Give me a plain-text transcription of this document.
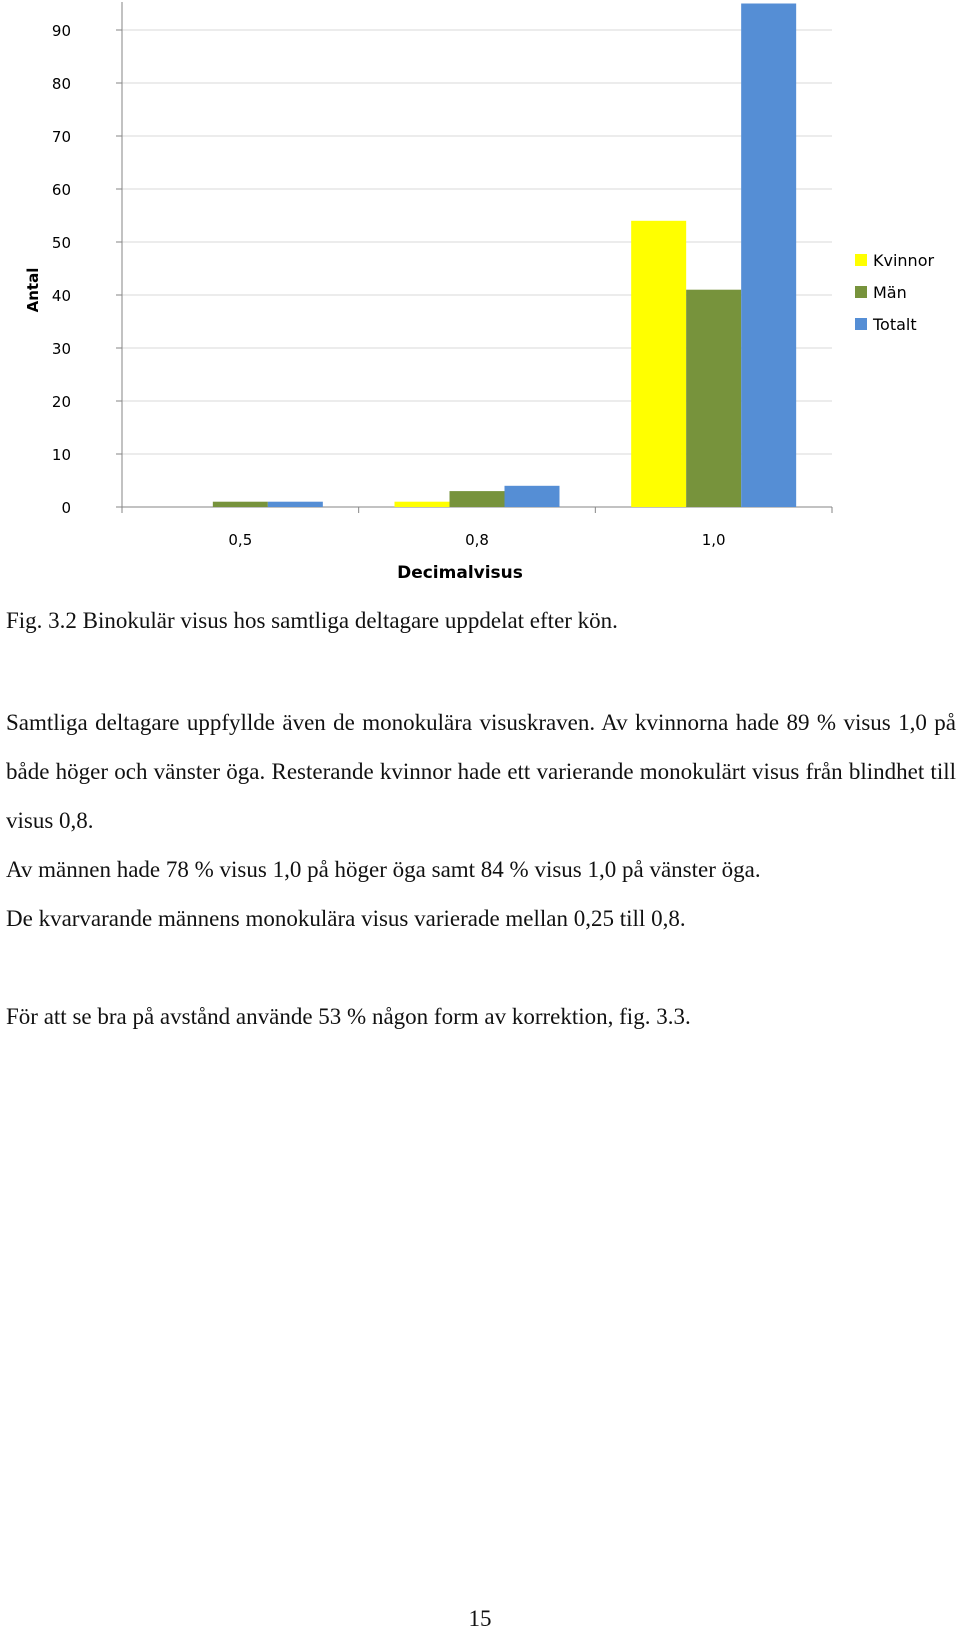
0
10
20
30
40
50
60
70
80
90
0,5	0,8	1,0
Antal
Decimalvisus
Kvinnor
Män
Totalt
Fig. 3.2 Binokulär visus hos samtliga deltagare uppdelat efter kön.

Samtliga deltagare uppfyllde även de monokulära visuskraven. Av kvinnorna hade 89 % visus 1,0 på både höger och vänster öga. Resterande kvinnor hade ett varierande monokulärt visus från blindhet till visus 0,8.

Av männen hade 78 % visus 1,0 på höger öga samt 84 % visus 1,0 på vänster öga.
De kvarvarande männens monokulära visus varierade mellan 0,25 till 0,8.

För att se bra på avstånd använde 53 % någon form av korrektion, fig. 3.3.

15
